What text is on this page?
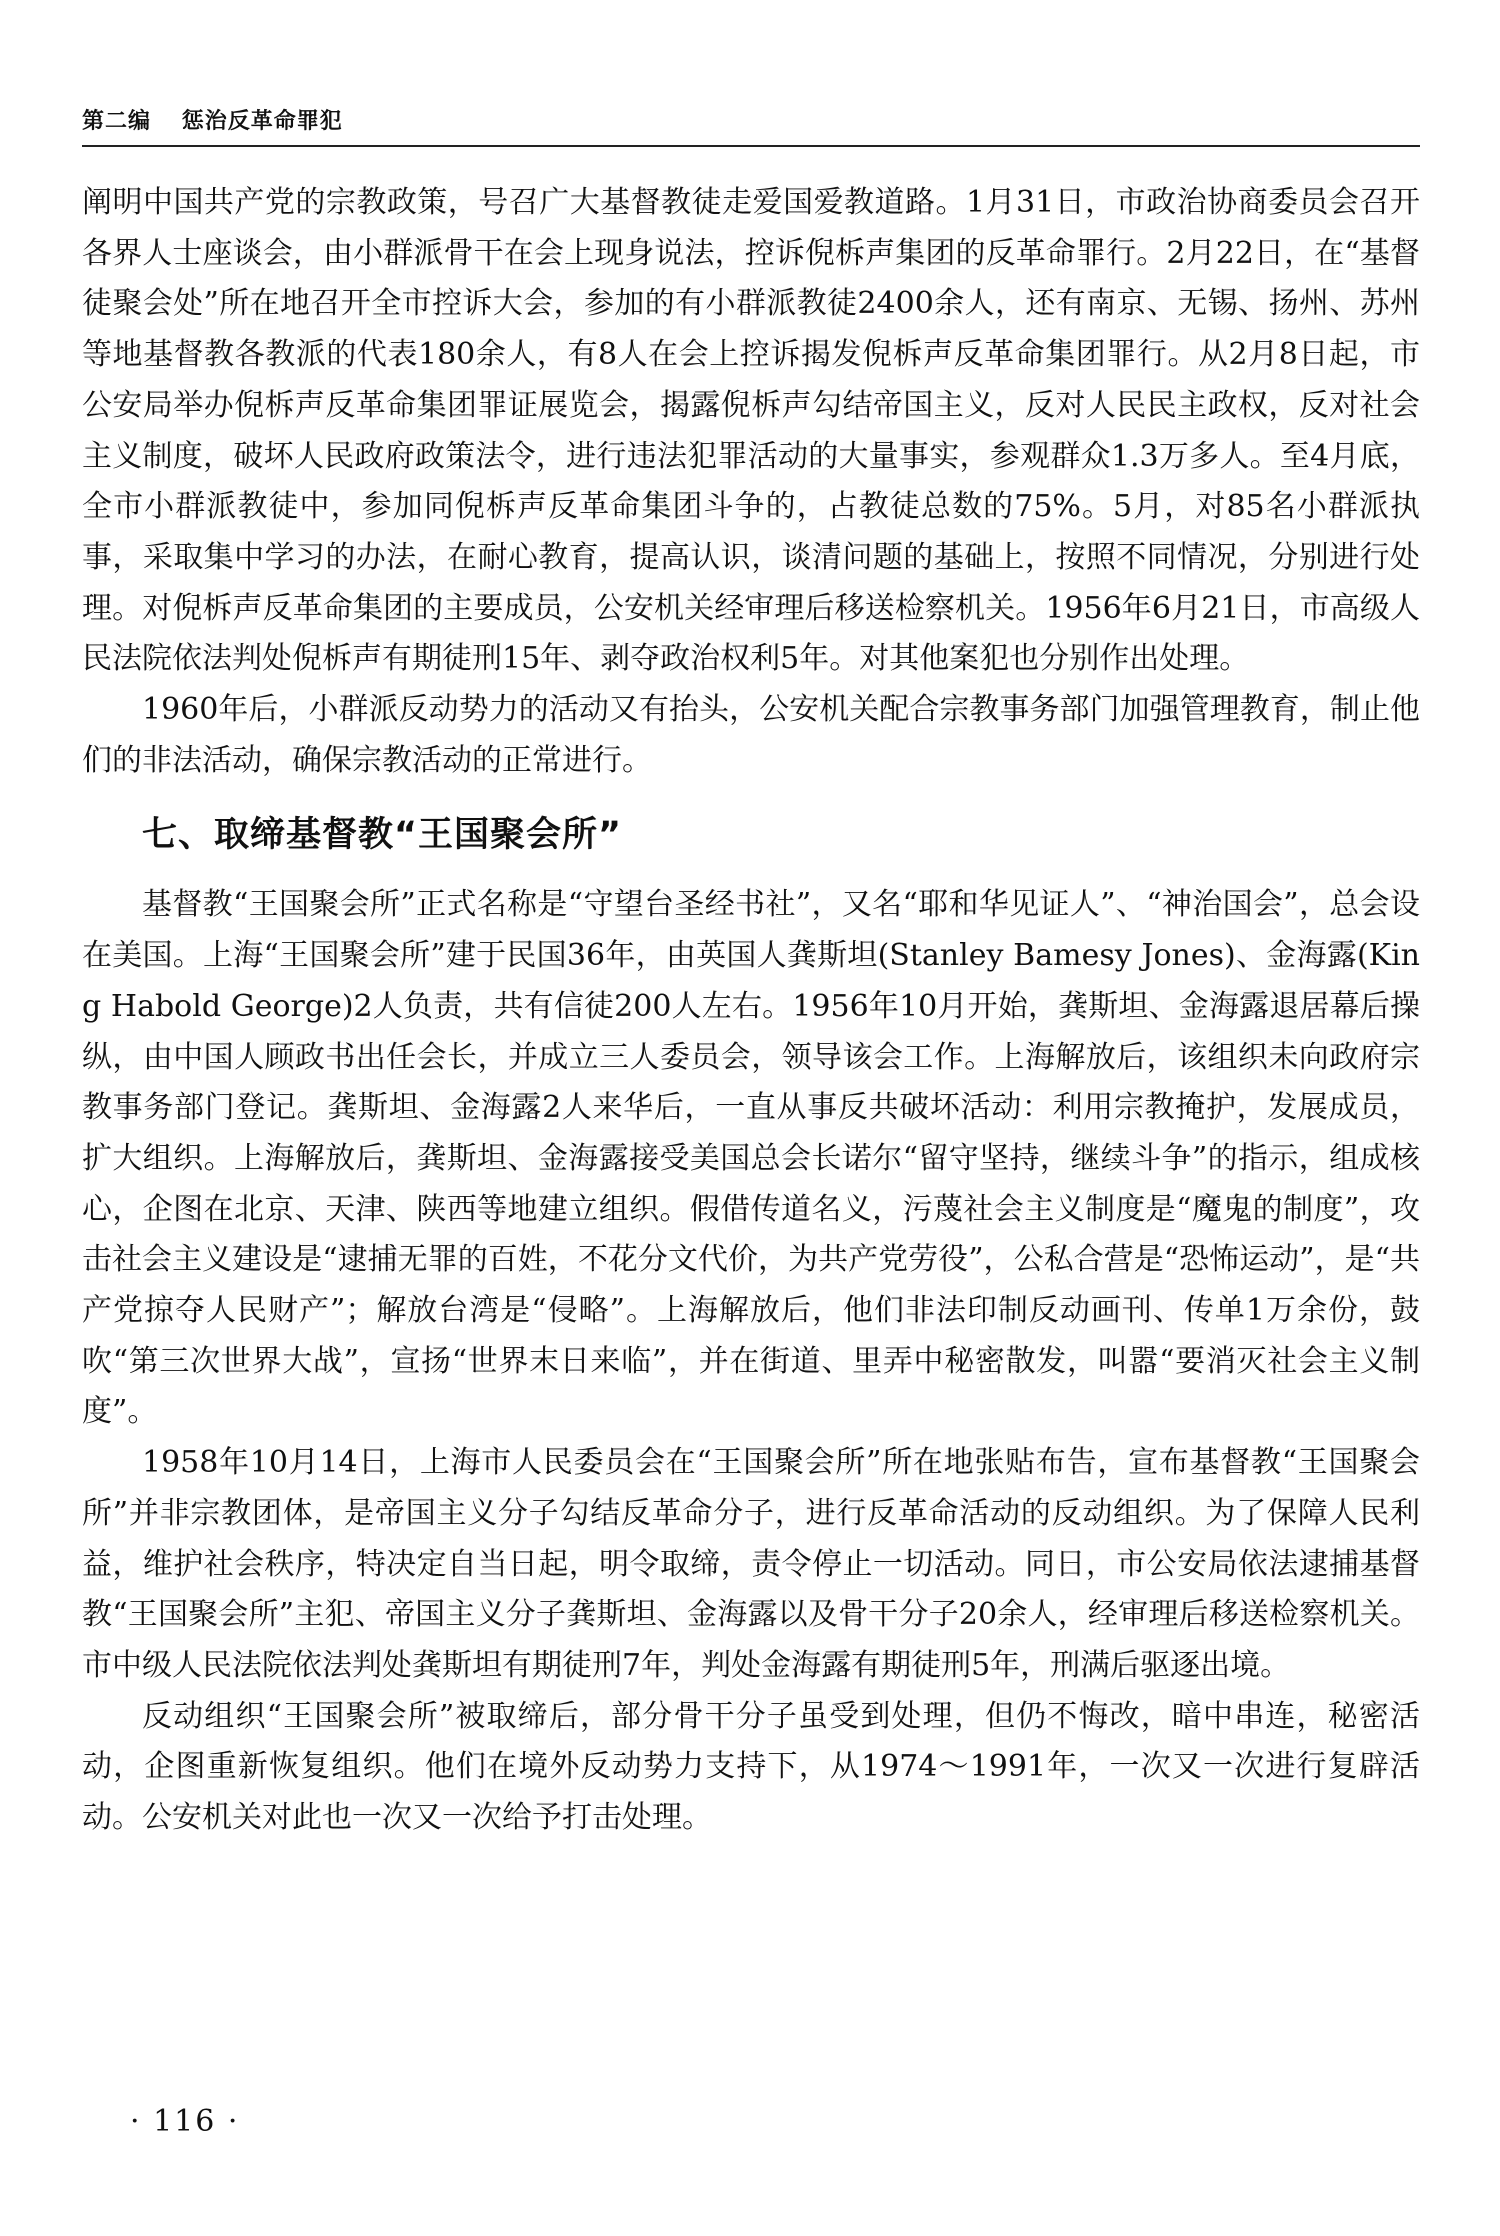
第二编 惩治反革命罪犯

阐明中国共产党的宗教政策，号召广大基督教徒走爱国爱教道路。1月31日，市政治协商委员会召开各界人士座谈会，由小群派骨干在会上现身说法，控诉倪柝声集团的反革命罪行。2月22日，在“基督徒聚会处”所在地召开全市控诉大会，参加的有小群派教徒2400余人，还有南京、无锡、扬州、苏州等地基督教各教派的代表180余人，有8人在会上控诉揭发倪柝声反革命集团罪行。从2月8日起，市公安局举办倪柝声反革命集团罪证展览会，揭露倪柝声勾结帝国主义，反对人民民主政权，反对社会主义制度，破坏人民政府政策法令，进行违法犯罪活动的大量事实，参观群众1.3万多人。至4月底，全市小群派教徒中，参加同倪柝声反革命集团斗争的，占教徒总数的75%。5月，对85名小群派执事，采取集中学习的办法，在耐心教育，提高认识，谈清问题的基础上，按照不同情况，分别进行处理。对倪柝声反革命集团的主要成员，公安机关经审理后移送检察机关。1956年6月21日，市高级人民法院依法判处倪柝声有期徒刑15年、剥夺政治权利5年。对其他案犯也分别作出处理。

1960年后，小群派反动势力的活动又有抬头，公安机关配合宗教事务部门加强管理教育，制止他们的非法活动，确保宗教活动的正常进行。

七、取缔基督教“王国聚会所”

基督教“王国聚会所”正式名称是“守望台圣经书社”，又名“耶和华见证人”、“神治国会”，总会设在美国。上海“王国聚会所”建于民国36年，由英国人龚斯坦(Stanley Bamesy Jones)、金海露(King Habold George)2人负责，共有信徒200人左右。1956年10月开始，龚斯坦、金海露退居幕后操纵，由中国人顾政书出任会长，并成立三人委员会，领导该会工作。上海解放后，该组织未向政府宗教事务部门登记。龚斯坦、金海露2人来华后，一直从事反共破坏活动：利用宗教掩护，发展成员，扩大组织。上海解放后，龚斯坦、金海露接受美国总会长诺尔“留守坚持，继续斗争”的指示，组成核心，企图在北京、天津、陕西等地建立组织。假借传道名义，污蔑社会主义制度是“魔鬼的制度”，攻击社会主义建设是“逮捕无罪的百姓，不花分文代价，为共产党劳役”，公私合营是“恐怖运动”，是“共产党掠夺人民财产”；解放台湾是“侵略”。上海解放后，他们非法印制反动画刊、传单1万余份，鼓吹“第三次世界大战”，宣扬“世界末日来临”，并在街道、里弄中秘密散发，叫嚣“要消灭社会主义制度”。

1958年10月14日，上海市人民委员会在“王国聚会所”所在地张贴布告，宣布基督教“王国聚会所”并非宗教团体，是帝国主义分子勾结反革命分子，进行反革命活动的反动组织。为了保障人民利益，维护社会秩序，特决定自当日起，明令取缔，责令停止一切活动。同日，市公安局依法逮捕基督教“王国聚会所”主犯、帝国主义分子龚斯坦、金海露以及骨干分子20余人，经审理后移送检察机关。市中级人民法院依法判处龚斯坦有期徒刑7年，判处金海露有期徒刑5年，刑满后驱逐出境。

反动组织“王国聚会所”被取缔后，部分骨干分子虽受到处理，但仍不悔改，暗中串连，秘密活动，企图重新恢复组织。他们在境外反动势力支持下，从1974～1991年，一次又一次进行复辟活动。公安机关对此也一次又一次给予打击处理。

· 116 ·
